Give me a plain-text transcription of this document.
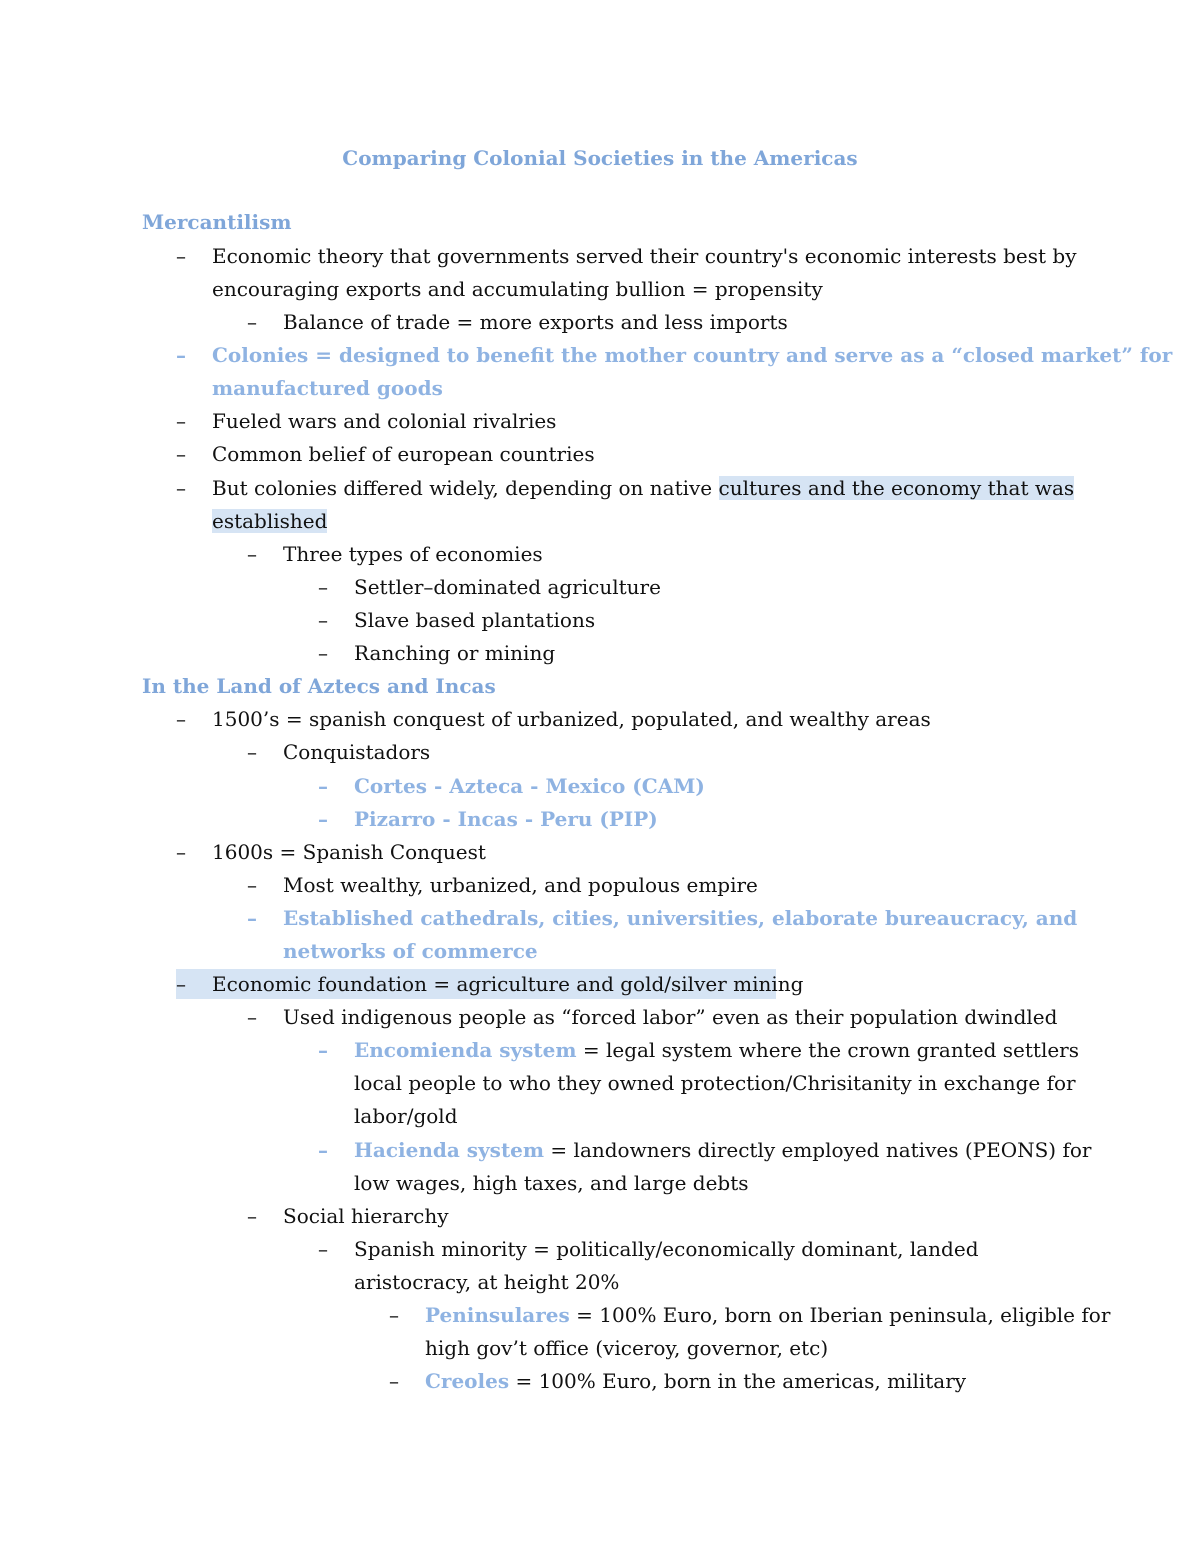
Comparing Colonial Societies in the Americas
Mercantilism
–	Economic theory that governments served their country's economic interests best by
encouraging exports and accumulating bullion = propensity
–	Balance of trade = more exports and less imports
–	Colonies = designed to benefit the mother country and serve as a “closed market” for
manufactured goods
–	Fueled wars and colonial rivalries
–	Common belief of european countries
–	But colonies differed widely, depending on native cultures and the economy that was
established
–	Three types of economies
–	Settler–dominated agriculture
–	Slave based plantations
–	Ranching or mining
In the Land of Aztecs and Incas
–	1500’s = spanish conquest of urbanized, populated, and wealthy areas
–	Conquistadors
–	Cortes - Azteca - Mexico (CAM)
–	Pizarro - Incas - Peru (PIP)
–	1600s = Spanish Conquest
–	Most wealthy, urbanized, and populous empire
–	Established cathedrals, cities, universities, elaborate bureaucracy, and
networks of commerce
–	Economic foundation = agriculture and gold/silver mining
–	Used indigenous people as “forced labor” even as their population dwindled
–	Encomienda system = legal system where the crown granted settlers
local people to who they owned protection/Chrisitanity in exchange for
labor/gold
–	Hacienda system = landowners directly employed natives (PEONS) for
low wages, high taxes, and large debts
–	Social hierarchy
–	Spanish minority = politically/economically dominant, landed
aristocracy, at height 20%
–	Peninsulares = 100% Euro, born on Iberian peninsula, eligible for
high gov’t office (viceroy, governor, etc)
–	Creoles = 100% Euro, born in the americas, military
